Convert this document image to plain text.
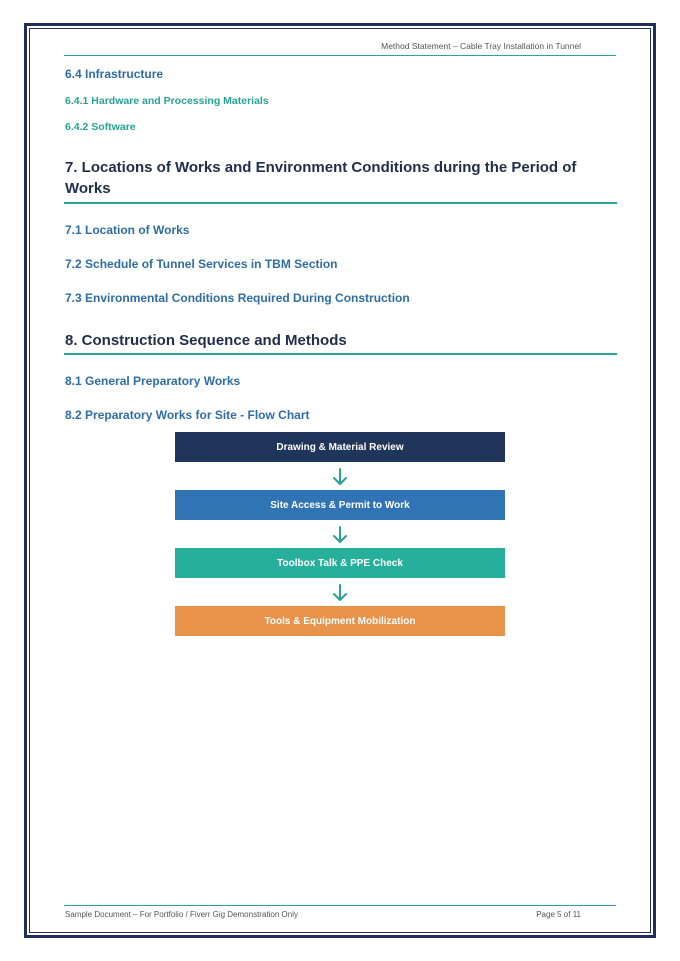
Method Statement – Cable Tray Installation in Tunnel
6.4 Infrastructure
6.4.1 Hardware and Processing Materials
6.4.2 Software
7. Locations of Works and Environment Conditions during the Period of
Works
7.1 Location of Works
7.2 Schedule of Tunnel Services in TBM Section
7.3 Environmental Conditions Required During Construction
8. Construction Sequence and Methods
8.1 General Preparatory Works
8.2 Preparatory Works for Site - Flow Chart
Drawing & Material Review
Site Access & Permit to Work
Toolbox Talk & PPE Check
Tools & Equipment Mobilization
Sample Document – For Portfolio / Fiverr Gig Demonstration Only	Page 5 of 11
